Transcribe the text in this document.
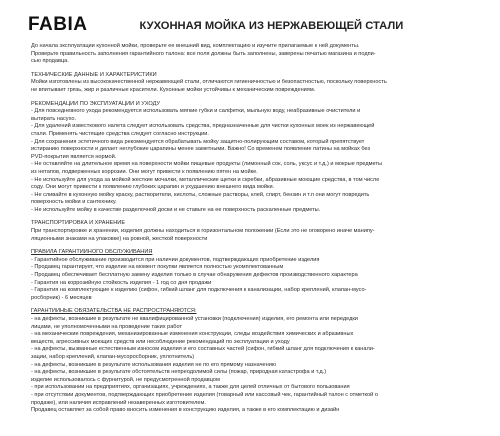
FABIA	КУХОННАЯ МОЙКА ИЗ НЕРЖАВЕЮЩЕЙ СТАЛИ
До начала эксплуатации кухонной мойки, проверьте ее внешний вид, комплектацию и изучите прилагаемые к ней документы.
Проверьте правильность заполнения гарантийного талона: все поля должны быть заполнены, заверены печатью магазина и подпи-
сью продавца.
ТЕХНИЧЕСКИЕ ДАННЫЕ И ХАРАКТЕРИСТИКИ
Мойки изготовлены из высококачественной нержавеющей стали, отличаются гигиеничностью и безопастностью, поскольку поверхность
не впитывает грязь, жир и различные красители. Кухонные мойки устойчивы к механическим повреждениям.
РЕКОМЕНДАЦИИ ПО ЭКСПЛУАТАЦИИ И УХОДУ
- Для повседневного ухода рекомендуется использовать мягкие губки и салфетки, мыльную воду, неабразивные очистители и
вытирать насухо.
- Для удалений известкового налета следует использовать средства, предназначенные для чистки кухонных моек из нержавеющей
стали. Применять чистящие средства следует согласно инструкции.
- Для сохранения эстетичного вида рекомендуется обрабатывать мойку защитно-полирующим составом, который препятствует
истиранию поверхности и делает неглубокие царапины менее заметными. Важно! Со временем появление патины на мойках без
PVD-покрытия является нормой.
- Не оставляйте на длительное время на поверхности мойки пищевые продукты (лимонный сок, соль, уксус и т.д.) и мокрые предметы
из нетапов, подверженных коррозии. Они могут привести к появлению пятен на мойке.
- Не используйте для ухода за мойкой жесткие мочалки, металлические щетки и скребки, абразивные моющие средства, в том числе
соду. Они могут привести к появлению глубоких царапин и ухудшению внешнего вида мойки.
- Не сливайте в кухонную мойку краску, растворители, кислоты, сложные растворы, клей, спирт, бензин и т.п они могут повредить
поверхность мойки и сантехнику.
- Не используйте мойку в качестве разделочной доски и не ставьте на ее поверхность раскаленные предметы.
ТРАНСПОРТИРОВКА И ХРАНЕНИЕ
При транспортировке и хранении, изделия должны находиться в горизонтальном положении (Если это не оговорено иначе манипу-
ляционными знаками на упаковке) на ровной, жесткой поверхности
ПРАВИЛА ГАРАНТИЙНОГО ОБСЛУЖИВАНИЯ
- Гарантийное обслуживание производится при наличии документов, подтверждающих приобретение изделия
- Продавец гарантирует, что изделие на момент покупки является полностью укомплектованным
- Продавец обеспечивает бесплатную замену изделия только в случае обнаружения дефектов производственного характера
- Гарантия на коррозийную стойкость изделия - 1 год со дня продажи
- Гарантия на комплектующие к изделию (сифон, гибкий шланг для подключения к канализации, набор креплений, клапан-мусо-
росборник) - 6 месяцев
ГАРАНТИЙНЫЕ ОБЯЗАТЕЛЬСТВА НЕ РАСПРОСТРАНЯЮТСЯ:
- на дефекты, возникшие в результате не квалифицированной установки (подключения) изделия, его ремонта или передедки
лицами, не уполномоченными на проведение таких работ
- на механические повреждения, механизированные изменения конструкции, следы воздействия химических и абразивных
веществ, агрессивных моющих средств или несоблюдение рекомендаций по эксплуатации и уходу
- на дефекты, вызванные естественным износом изделия и его составных частей (сифон, гибкий шланг для подключения к канали-
зации, набор креплений, клапан-мусоросборник, уплотнитель)
- на дефекты, возникшие в результате использования изделия не по его прямому назначению
- на дефекты, возникшие в результате обстоятельств непреодолимой силы (пожар, природная катастрофа и т.д.)
изделие использовалось с фурнитурой, не предусмотренной продавцом
- при использовании на предприятиях, организациях, учреждениях, а также для целей отличных от бытового пользования
- при отсутствии документов, подтверждающих приобретение изделия (товарный или кассовый чек, гарантийный талон с отметкой о
продаже), или наличия исправлений незаверенных изготовителем.
Продавец оставляет за собой право вносить изменения в конструкцию изделия, а также в его комплектацию и дизайн
